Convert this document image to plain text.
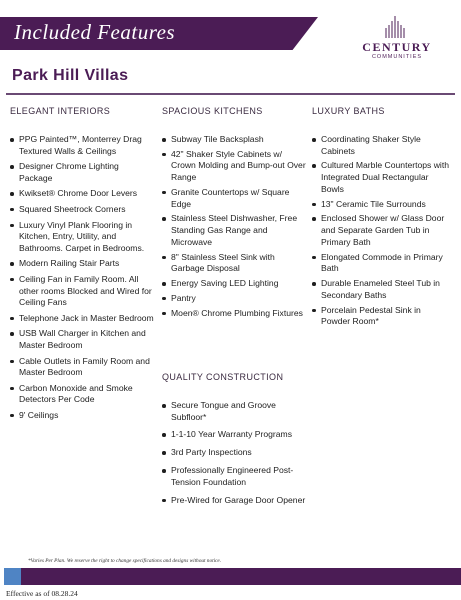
Included Features
CENTURY
COMMUNITIES
Park Hill Villas
ELEGANT INTERIORS
PPG Painted™, Monterrey Drag Textured Walls & Ceilings
Designer Chrome Lighting Package
Kwikset® Chrome Door Levers
Squared Sheetrock Corners
Luxury Vinyl Plank Flooring in Kitchen, Entry, Utility, and Bathrooms. Carpet in Bedrooms.
Modern Railing Stair Parts
Ceiling Fan in Family Room. All other rooms Blocked and Wired for Ceiling Fans
Telephone Jack in Master Bedroom
USB Wall Charger in Kitchen and Master Bedroom
Cable Outlets in Family Room and Master Bedroom
Carbon Monoxide and Smoke Detectors Per Code
9' Ceilings
SPACIOUS KITCHENS
Subway Tile Backsplash
42" Shaker Style Cabinets w/ Crown Molding and Bump-out Over Range
Granite Countertops w/ Square Edge
Stainless Steel Dishwasher, Free Standing Gas Range and Microwave
8" Stainless Steel Sink with Garbage Disposal
Energy Saving LED Lighting
Pantry
Moen® Chrome Plumbing Fixtures
QUALITY CONSTRUCTION
Secure Tongue and Groove Subfloor*
1-1-10 Year Warranty Programs
3rd Party Inspections
Professionally Engineered Post-Tension Foundation
Pre-Wired for Garage Door Opener
LUXURY BATHS
Coordinating Shaker Style Cabinets
Cultured Marble Countertops with Integrated Dual Rectangular Bowls
13" Ceramic Tile Surrounds
Enclosed Shower w/ Glass Door and Separate Garden Tub in Primary Bath
Elongated Commode in Primary Bath
Durable Enameled Steel Tub in Secondary Baths
Porcelain Pedestal Sink in Powder Room*
*Varies Per Plan. We reserve the right to change specifications and designs without notice.
Effective as of 08.28.24
